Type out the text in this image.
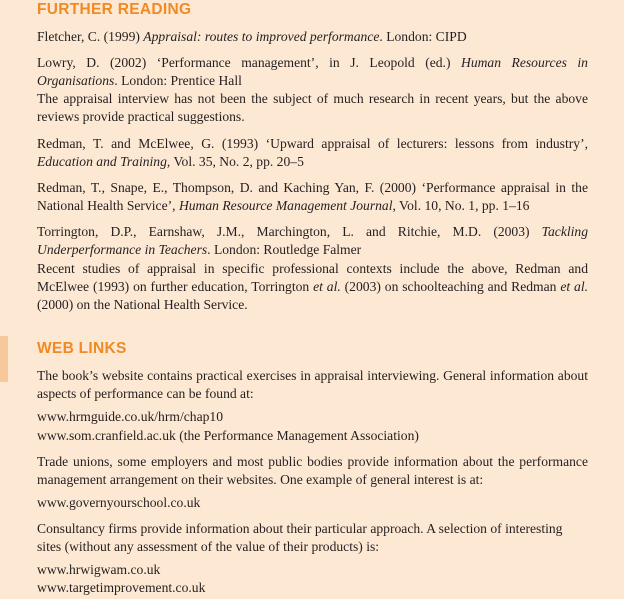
FURTHER READING

Fletcher, C. (1999) Appraisal: routes to improved performance. London: CIPD

Lowry, D. (2002) ‘Performance management’, in J. Leopold (ed.) Human Resources in Organisations. London: Prentice Hall

The appraisal interview has not been the subject of much research in recent years, but the above reviews provide practical suggestions.

Redman, T. and McElwee, G. (1993) ‘Upward appraisal of lecturers: lessons from industry’, Education and Training, Vol. 35, No. 2, pp. 20–5

Redman, T., Snape, E., Thompson, D. and Kaching Yan, F. (2000) ‘Performance appraisal in the National Health Service’, Human Resource Management Journal, Vol. 10, No. 1, pp. 1–16

Torrington, D.P., Earnshaw, J.M., Marchington, L. and Ritchie, M.D. (2003) Tackling Underperformance in Teachers. London: Routledge Falmer

Recent studies of appraisal in specific professional contexts include the above, Redman and McElwee (1993) on further education, Torrington et al. (2003) on schoolteaching and Redman et al. (2000) on the National Health Service.

WEB LINKS

The book’s website contains practical exercises in appraisal interviewing. General information about aspects of performance can be found at:

www.hrmguide.co.uk/hrm/chap10

www.som.cranfield.ac.uk (the Performance Management Association)

Trade unions, some employers and most public bodies provide information about the performance management arrangement on their websites. One example of general interest is at:

www.governyourschool.co.uk

Consultancy firms provide information about their particular approach. A selection of interesting sites (without any assessment of the value of their products) is:

www.hrwigwam.co.uk

www.targetimprovement.co.uk
